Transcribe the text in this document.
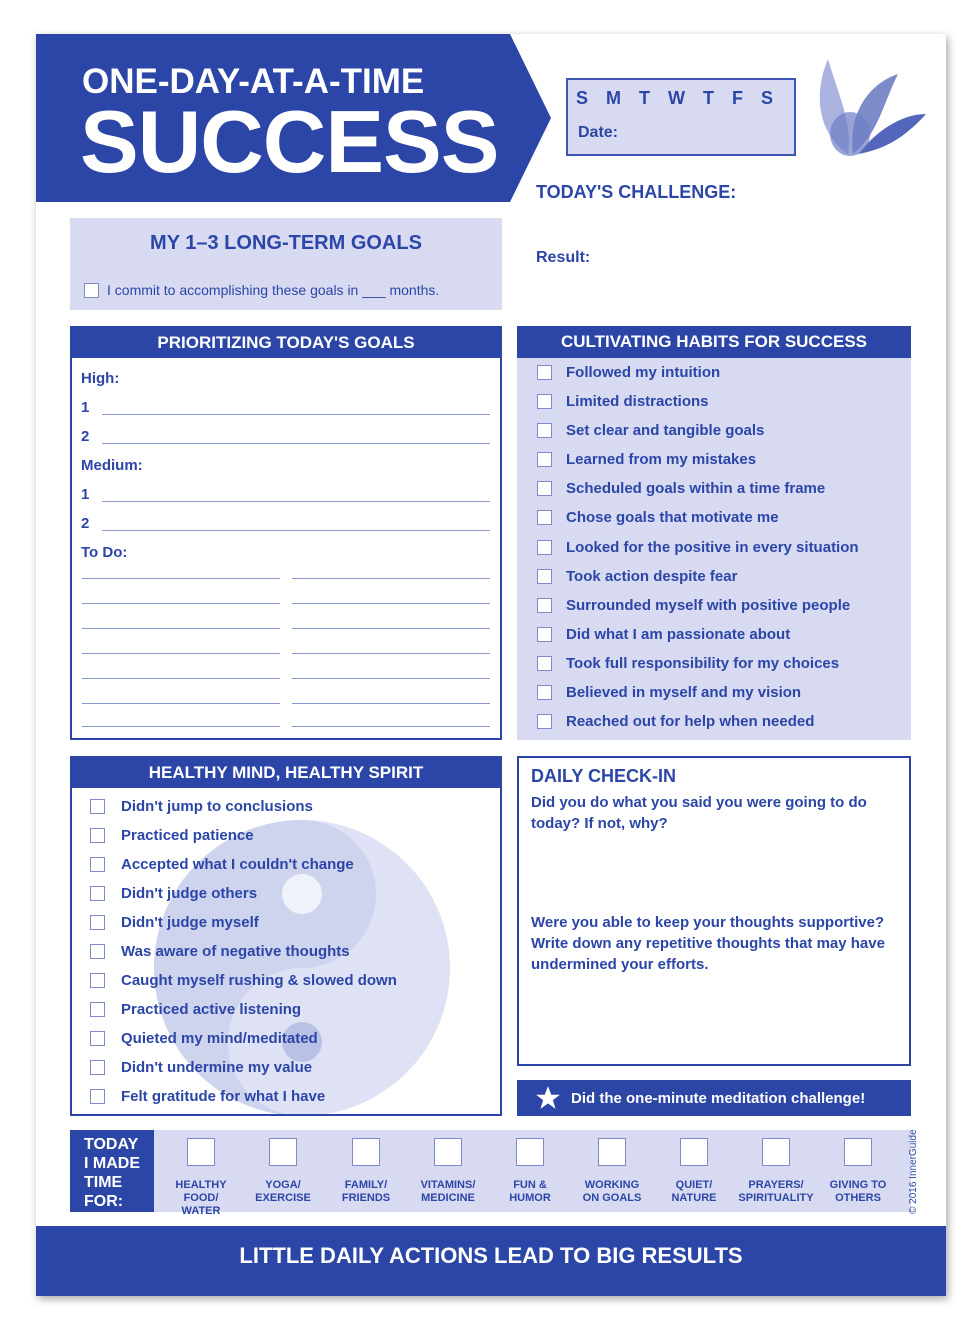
ONE-DAY-AT-A-TIME
SUCCESS	S M T W T F S
Date:
TODAY'S CHALLENGE:
Result:
MY 1–3 LONG-TERM GOALS
I commit to accomplishing these goals in ___ months.
PRIORITIZING TODAY'S GOALS
High:
1
2
Medium:
1
2
To Do:
CULTIVATING HABITS FOR SUCCESS
Followed my intuition
Limited distractions
Set clear and tangible goals
Learned from my mistakes
Scheduled goals within a time frame
Chose goals that motivate me
Looked for the positive in every situation
Took action despite fear
Surrounded myself with positive people
Did what I am passionate about
Took full responsibility for my choices
Believed in myself and my vision
Reached out for help when needed
HEALTHY MIND, HEALTHY SPIRIT
Didn't jump to conclusions
Practiced patience
Accepted what I couldn't change
Didn't judge others
Didn't judge myself
Was aware of negative thoughts
Caught myself rushing & slowed down
Practiced active listening
Quieted my mind/meditated
Didn't undermine my value
Felt gratitude for what I have
DAILY CHECK-IN
Did you do what you said you were going to do today? If not, why?
Were you able to keep your thoughts supportive? Write down any repetitive thoughts that may have undermined your efforts.
Did the one-minute meditation challenge!
TODAY
I MADE
TIME
FOR:
HEALTHY FOOD/
WATER
YOGA/
EXERCISE
FAMILY/
FRIENDS
VITAMINS/
MEDICINE
FUN &
HUMOR
WORKING
ON GOALS
QUIET/
NATURE
PRAYERS/
SPIRITUALITY
GIVING TO
OTHERS	© 2016 InnerGuide
LITTLE DAILY ACTIONS LEAD TO BIG RESULTS
